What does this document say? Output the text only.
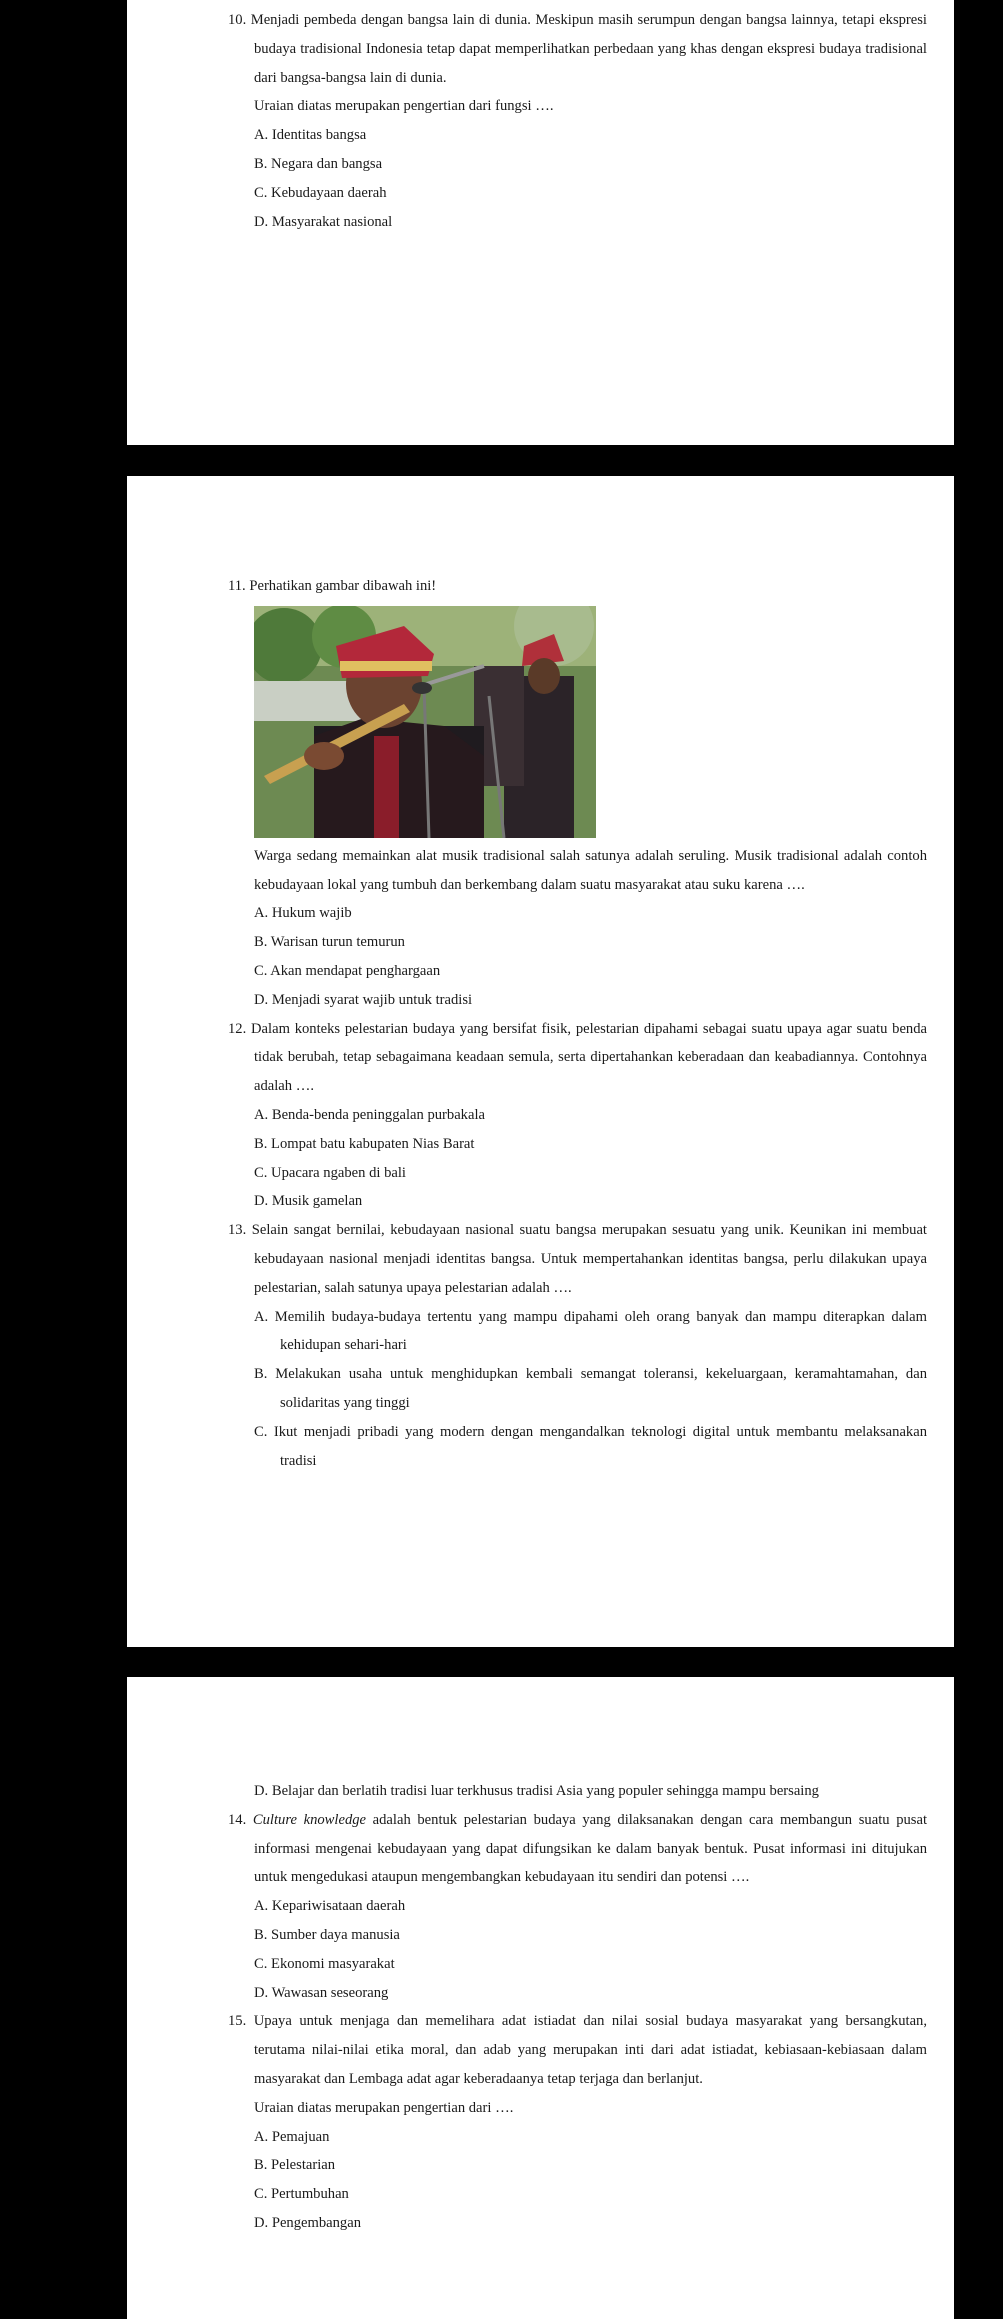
10. Menjadi pembeda dengan bangsa lain di dunia. Meskipun masih serumpun dengan bangsa lainnya, tetapi ekspresi budaya tradisional Indonesia tetap dapat memperlihatkan perbedaan yang khas dengan ekspresi budaya tradisional dari bangsa-bangsa lain di dunia.
Uraian diatas merupakan pengertian dari fungsi ….
A. Identitas bangsa
B. Negara dan bangsa
C. Kebudayaan daerah
D. Masyarakat nasional
11. Perhatikan gambar dibawah ini!
Warga sedang memainkan alat musik tradisional salah satunya adalah seruling. Musik tradisional adalah contoh kebudayaan lokal yang tumbuh dan berkembang dalam suatu masyarakat atau suku karena ….
A. Hukum wajib
B. Warisan turun temurun
C. Akan mendapat penghargaan
D. Menjadi syarat wajib untuk tradisi
12. Dalam konteks pelestarian budaya yang bersifat fisik, pelestarian dipahami sebagai suatu upaya agar suatu benda tidak berubah, tetap sebagaimana keadaan semula, serta dipertahankan keberadaan dan keabadiannya. Contohnya adalah ….
A. Benda-benda peninggalan purbakala
B. Lompat batu kabupaten Nias Barat
C. Upacara ngaben di bali
D. Musik gamelan
13. Selain sangat bernilai, kebudayaan nasional suatu bangsa merupakan sesuatu yang unik. Keunikan ini membuat kebudayaan nasional menjadi identitas bangsa. Untuk mempertahankan identitas bangsa, perlu dilakukan upaya pelestarian, salah satunya upaya pelestarian adalah ….
A. Memilih budaya-budaya tertentu yang mampu dipahami oleh orang banyak dan mampu diterapkan dalam kehidupan sehari-hari
B. Melakukan usaha untuk menghidupkan kembali semangat toleransi, kekeluargaan, keramahtamahan, dan solidaritas yang tinggi
C. Ikut menjadi pribadi yang modern dengan mengandalkan teknologi digital untuk membantu melaksanakan tradisi
D. Belajar dan berlatih tradisi luar terkhusus tradisi Asia yang populer sehingga mampu bersaing
14. Culture knowledge adalah bentuk pelestarian budaya yang dilaksanakan dengan cara membangun suatu pusat informasi mengenai kebudayaan yang dapat difungsikan ke dalam banyak bentuk. Pusat informasi ini ditujukan untuk mengedukasi ataupun mengembangkan kebudayaan itu sendiri dan potensi ….
A. Kepariwisataan daerah
B. Sumber daya manusia
C. Ekonomi masyarakat
D. Wawasan seseorang
15. Upaya untuk menjaga dan memelihara adat istiadat dan nilai sosial budaya masyarakat yang bersangkutan, terutama nilai-nilai etika moral, dan adab yang merupakan inti dari adat istiadat, kebiasaan-kebiasaan dalam masyarakat dan Lembaga adat agar keberadaanya tetap terjaga dan berlanjut.
Uraian diatas merupakan pengertian dari ….
A. Pemajuan
B. Pelestarian
C. Pertumbuhan
D. Pengembangan
